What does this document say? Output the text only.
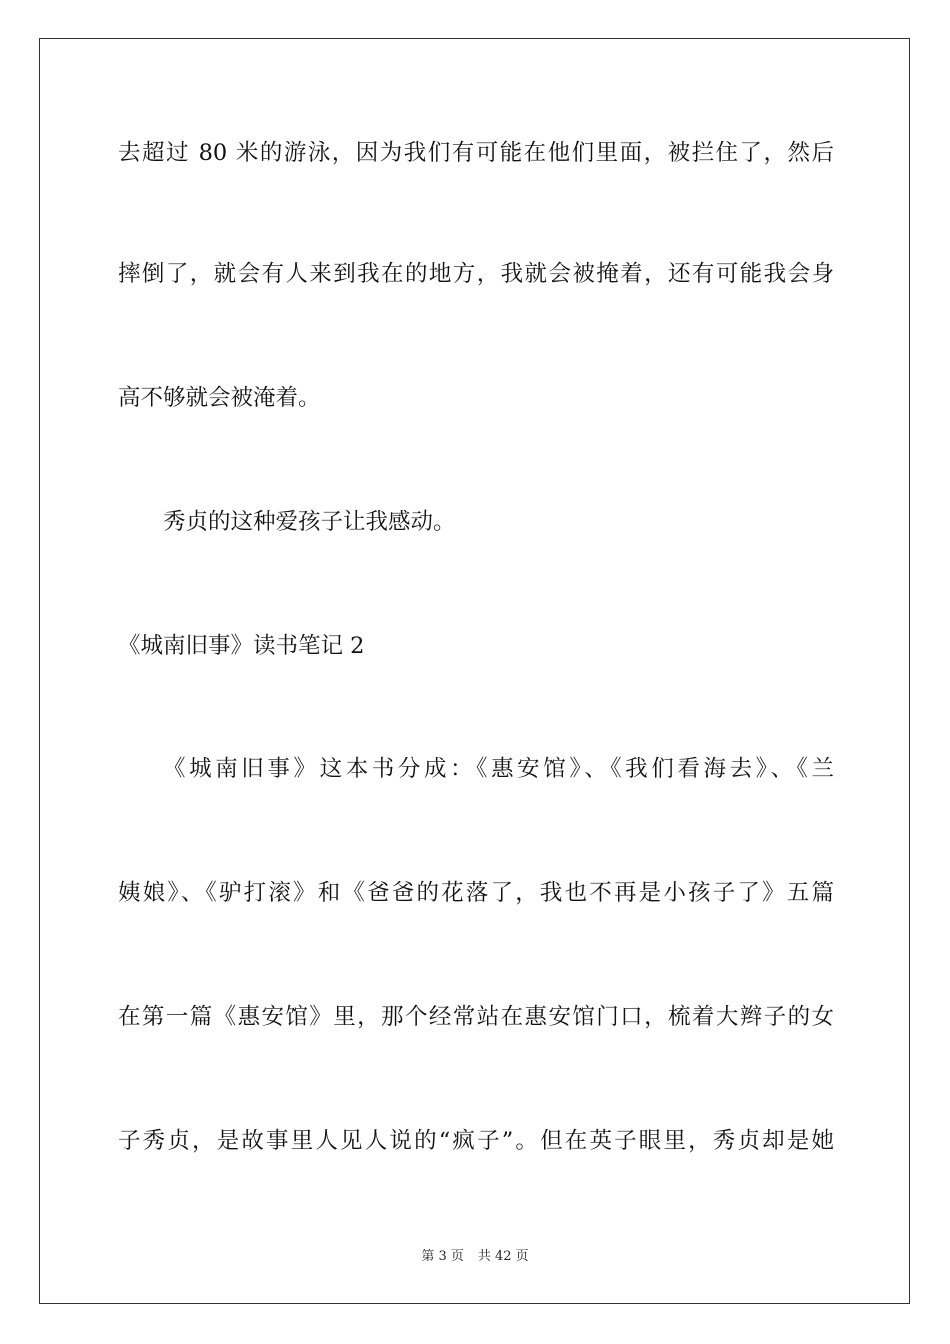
去超过 80 米的游泳，因为我们有可能在他们里面，被拦住了，然后
摔倒了，就会有人来到我在的地方，我就会被掩着，还有可能我会身
高不够就会被淹着。
秀贞的这种爱孩子让我感动。
《城南旧事》读书笔记 2
《城南旧事》这本书分成：《惠安馆》、《我们看海去》、《兰
姨娘》、《驴打滚》和《爸爸的花落了，我也不再是小孩子了》五篇
在第一篇《惠安馆》里，那个经常站在惠安馆门口，梳着大辫子的女
子秀贞，是故事里人见人说的“疯子”。但在英子眼里，秀贞却是她
第 3 页 共 42 页
